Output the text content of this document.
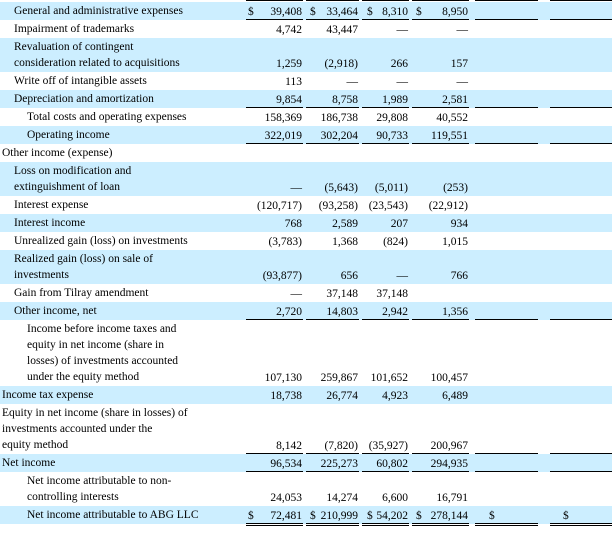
General and administrative expenses	39,408	33,464	8,310	8,950
$	$	$	$
Impairment of trademarks	4,742	43,447	—	—
Revaluation of contingent
consideration related to acquisitions	1,259	(2,918)	266	157
Write off of intangible assets	113	—	—	—
Depreciation and amortization	9,854	8,758	1,989	2,581
Total costs and operating expenses	158,369	186,738	29,808	40,552
Operating income	322,019	302,204	90,733	119,551
Other income (expense)
Loss on modification and
extinguishment of loan	—	(5,643)	(5,011)	(253)
Interest expense	(120,717)	(93,258) (23,543)	(22,912)
Interest income	768	2,589	207	934
Unrealized gain (loss) on investments	(3,783)	1,368	(824)	1,015
Realized gain (loss) on sale of
investments	(93,877)	656	—	766
Gain from Tilray amendment	—	37,148	37,148
Other income, net	2,720	14,803	2,942	1,356
Income before income taxes and
equity in net income (share in
losses) of investments accounted
under the equity method	107,130	259,867	101,652	100,457
Income tax expense	18,738	26,774	4,923	6,489
Equity in net income (share in losses) of
investments accounted under the
equity method	8,142	(7,820) (35,927)	200,967
Net income	96,534	225,273	60,802	294,935
Net income attributable to non-
controlling interests	24,053	14,274	6,600	16,791
Net income attributable to ABG LLC	72,481	210,999	54,202	278,144
$	$	$	$	$	$
